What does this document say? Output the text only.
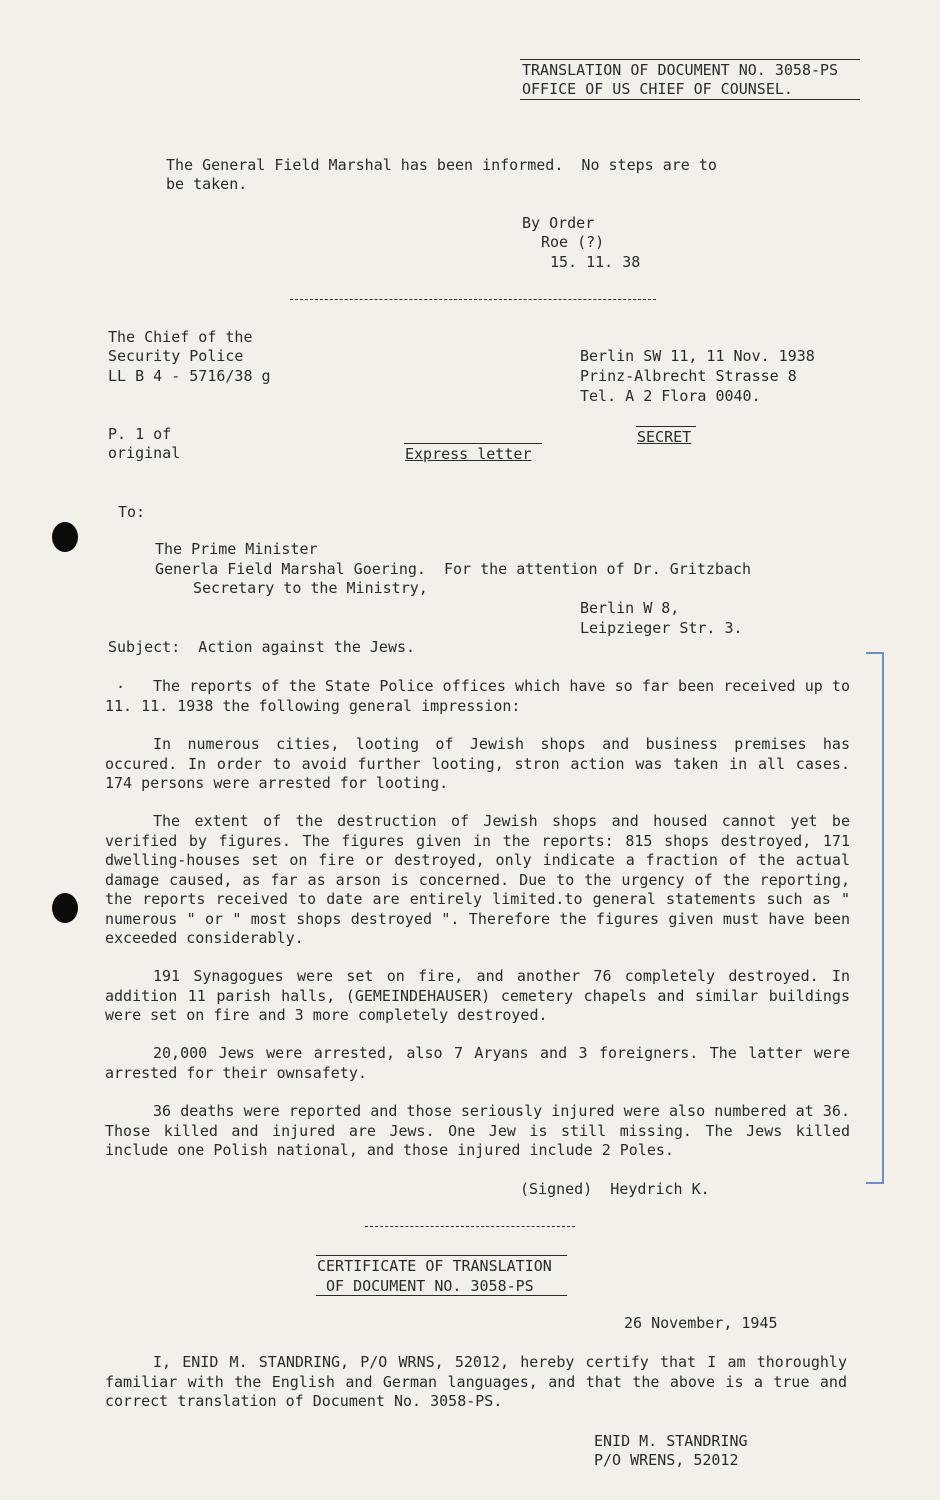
TRANSLATION OF DOCUMENT NO. 3058-PS
OFFICE OF US CHIEF OF COUNSEL.
The General Field Marshal has been informed.  No steps are to
be taken.
By Order
Roe (?)
15. 11. 38
The Chief of the
Security Police
LL B 4 - 5716/38 g
Berlin SW 11, 11 Nov. 1938
Prinz-Albrecht Strasse 8
Tel. A 2 Flora 0040.
P. 1 of
original
SECRET
Express letter
To:
The Prime Minister
Generla Field Marshal Goering.  For the attention of Dr. Gritzbach
Secretary to the Ministry,
Berlin W 8,
Leipzieger Str. 3.
Subject:  Action against the Jews.
·	The reports of the State Police offices which have so far been received up to 11. 11. 1938 the following general impression:
In numerous cities, looting of Jewish shops and business premises has occured. In order to avoid further looting, stron action was taken in all cases. 174 persons were arrested for looting.
The extent of the destruction of Jewish shops and housed cannot yet be verified by figures. The figures given in the reports: 815 shops destroyed, 171 dwelling-houses set on fire or destroyed, only indicate a fraction of the actual damage caused, as far as arson is concerned. Due to the urgency of the reporting, the reports received to date are entirely limited.to general statements such as " numerous " or " most shops destroyed ". Therefore the figures given must have been exceeded considerably.
191 Synagogues were set on fire, and another 76 completely destroyed. In addition 11 parish halls, (GEMEINDEHAUSER) cemetery chapels and similar buildings were set on fire and 3 more completely destroyed.
20,000 Jews were arrested, also 7 Aryans and 3 foreigners. The latter were arrested for their ownsafety.
36 deaths were reported and those seriously injured were also numbered at 36. Those killed and injured are Jews. One Jew is still missing. The Jews killed include one Polish national, and those injured include 2 Poles.
(Signed)  Heydrich K.
CERTIFICATE OF TRANSLATION
OF DOCUMENT NO. 3058-PS
26 November, 1945
I, ENID M. STANDRING, P/O WRNS, 52012, hereby certify that I am thoroughly familiar with the English and German languages, and that the above is a true and correct translation of Document No. 3058-PS.
ENID M. STANDRING
P/O WRENS, 52012
